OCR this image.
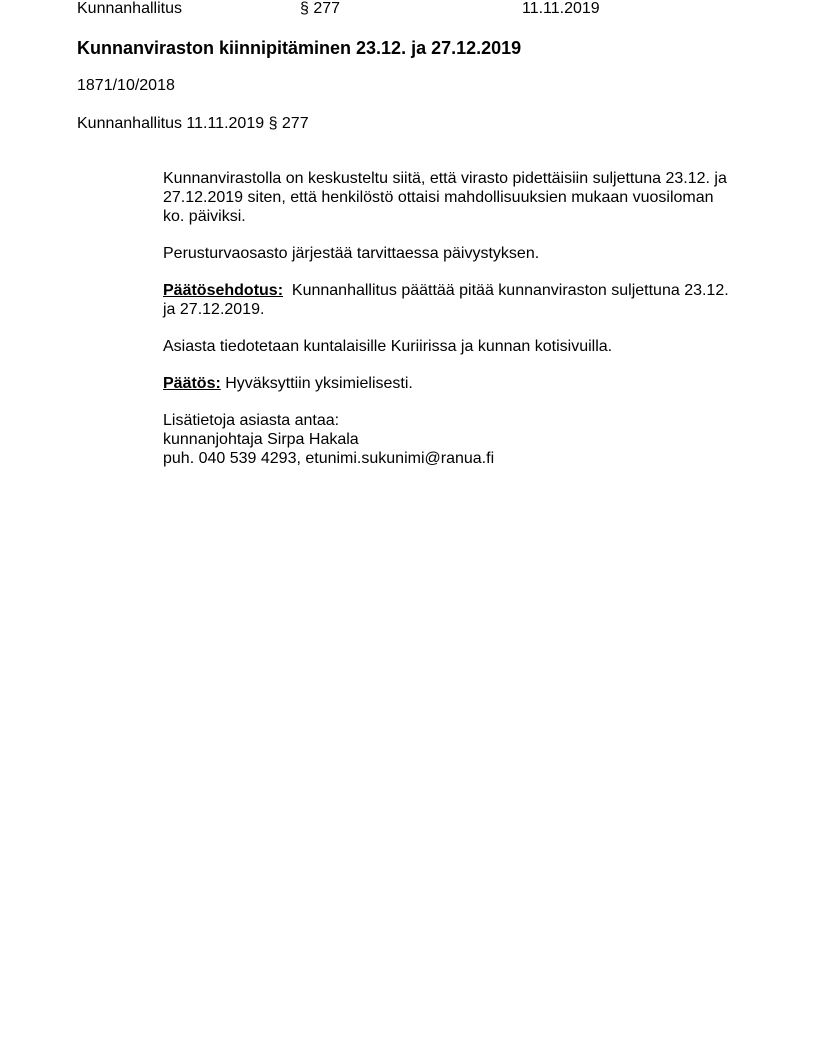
Kunnanhallitus	§ 277	11.11.2019
Kunnanviraston kiinnipitäminen 23.12. ja 27.12.2019
1871/10/2018
Kunnanhallitus 11.11.2019 § 277

Kunnanvirastolla on keskusteltu siitä, että virasto pidettäisiin suljettuna 23.12. ja 27.12.2019 siten, että henkilöstö ottaisi mahdollisuuksien mukaan vuosiloman ko. päiviksi.

Perusturvaosasto järjestää tarvittaessa päivystyksen.

Päätösehdotus: Kunnanhallitus päättää pitää kunnanviraston suljettuna 23.12. ja 27.12.2019.

Asiasta tiedotetaan kuntalaisille Kuriirissa ja kunnan kotisivuilla.

Päätös: Hyväksyttiin yksimielisesti.

Lisätietoja asiasta antaa:

kunnanjohtaja Sirpa Hakala

puh. 040 539 4293, etunimi.sukunimi@ranua.fi
